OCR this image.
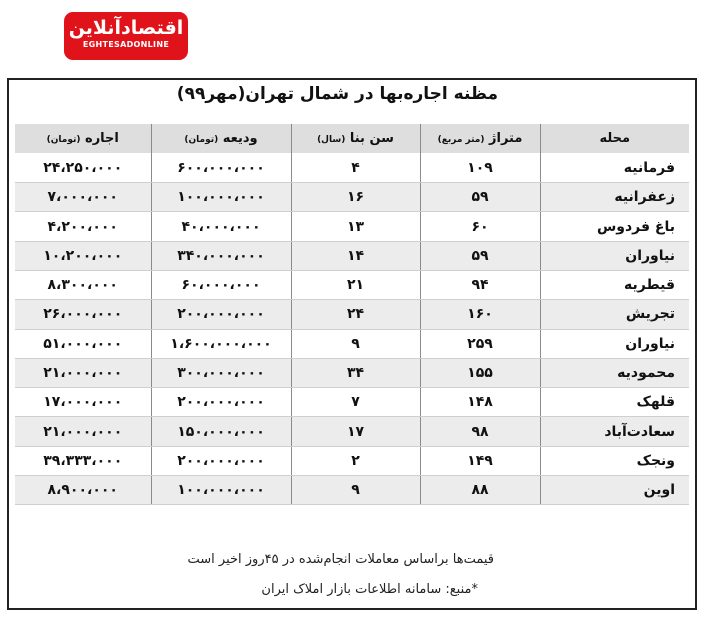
اقتصادآنلاین
EGHTESADONLINE
مظنه اجاره‌بها در شمال تهران(مهر۹۹)
محله	متراژ (متر مربع)	سن بنا (سال)	ودیعه (تومان)	اجاره (تومان)
فرمانیه	۱۰۹	۴	۶۰۰،۰۰۰،۰۰۰	۲۴،۲۵۰،۰۰۰
زعفرانیه	۵۹	۱۶	۱۰۰،۰۰۰،۰۰۰	۷،۰۰۰،۰۰۰
باغ فردوس	۶۰	۱۳	۴۰،۰۰۰،۰۰۰	۴،۲۰۰،۰۰۰
نیاوران	۵۹	۱۴	۳۴۰،۰۰۰،۰۰۰	۱۰،۲۰۰،۰۰۰
قیطریه	۹۴	۲۱	۶۰،۰۰۰،۰۰۰	۸،۳۰۰،۰۰۰
تجریش	۱۶۰	۲۴	۲۰۰،۰۰۰،۰۰۰	۲۶،۰۰۰،۰۰۰
نیاوران	۲۵۹	۹	۱،۶۰۰،۰۰۰،۰۰۰	۵۱،۰۰۰،۰۰۰
محمودیه	۱۵۵	۳۴	۳۰۰،۰۰۰،۰۰۰	۲۱،۰۰۰،۰۰۰
قلهک	۱۴۸	۷	۲۰۰،۰۰۰،۰۰۰	۱۷،۰۰۰،۰۰۰
سعادت‌آباد	۹۸	۱۷	۱۵۰،۰۰۰،۰۰۰	۲۱،۰۰۰،۰۰۰
ونجک	۱۴۹	۲	۲۰۰،۰۰۰،۰۰۰	۳۹،۳۳۳،۰۰۰
اوین	۸۸	۹	۱۰۰،۰۰۰،۰۰۰	۸،۹۰۰،۰۰۰
قیمت‌ها براساس معاملات انجام‌شده در ۴۵روز اخیر است
*منبع: سامانه اطلاعات بازار املاک ایران
